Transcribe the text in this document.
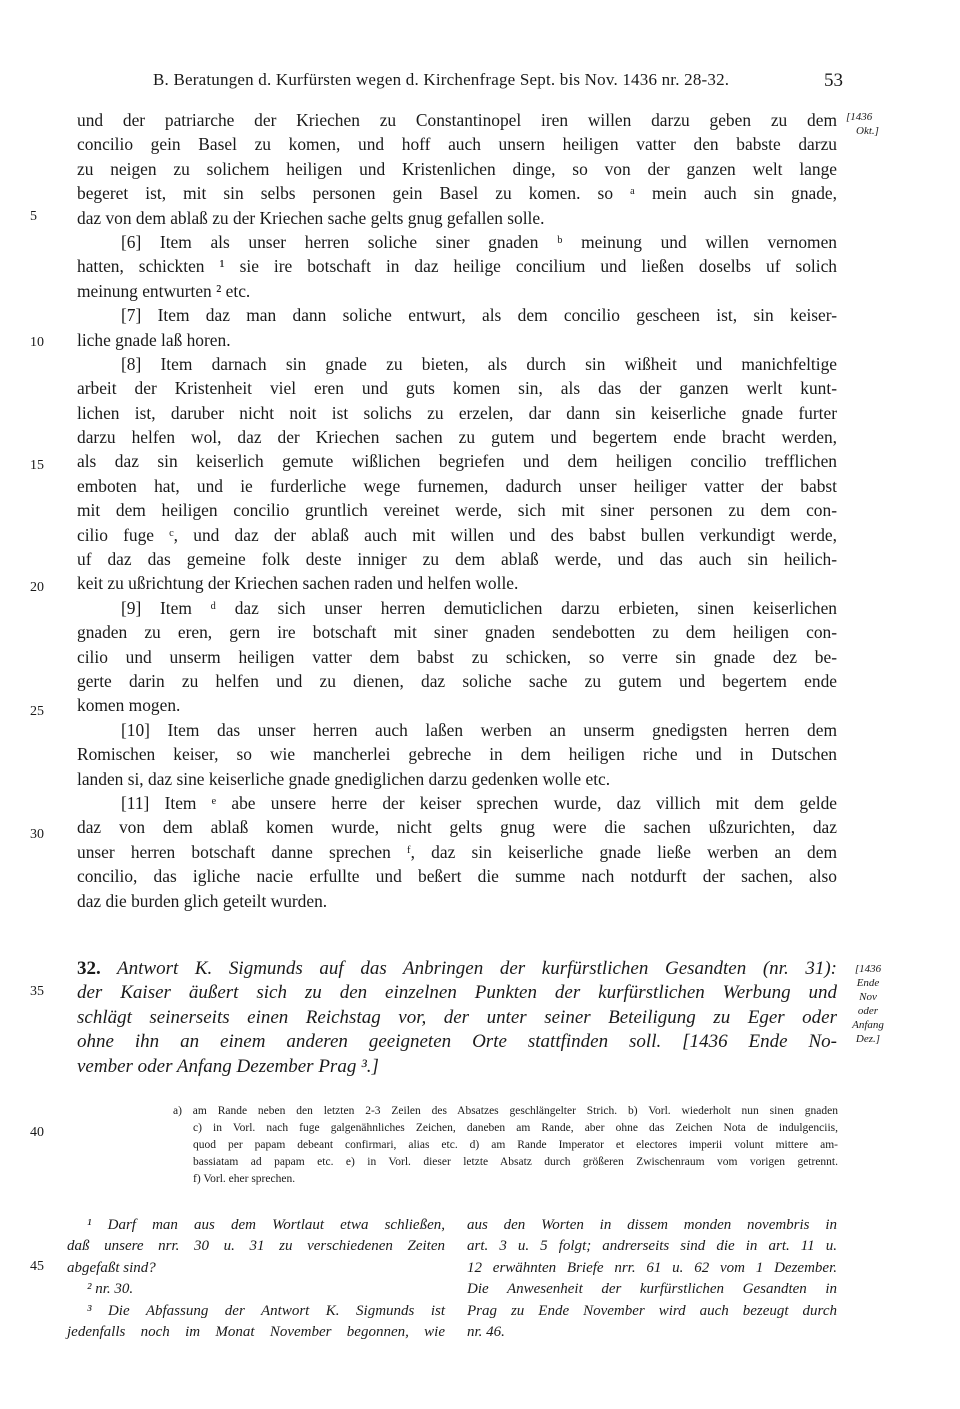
B. Beratungen d. Kurfürsten wegen d. Kirchenfrage Sept. bis Nov. 1436 nr. 28-32.	53
[1436
Okt.]
5
10
15
20
25
30
35
40
45
und der patriarche der Kriechen zu Constantinopel iren willen darzu geben zu dem
concilio gein Basel zu komen, und hoff auch unsern heiligen vatter den babste darzu
zu neigen zu solichem heiligen und Kristenlichen dinge, so von der ganzen welt lange
begeret ist, mit sin selbs personen gein Basel zu komen. so ᵃ mein auch sin gnade,
daz von dem ablaß zu der Kriechen sache gelts gnug gefallen solle.
[6] Item als unser herren soliche siner gnaden ᵇ meinung und willen vernomen
hatten, schickten ¹ sie ire botschaft in daz heilige concilium und ließen doselbs uf solich
meinung entwurten ² etc.
[7] Item daz man dann soliche entwurt, als dem concilio gescheen ist, sin keiser-
liche gnade laß horen.
[8] Item darnach sin gnade zu bieten, als durch sin wißheit und manichfeltige
arbeit der Kristenheit viel eren und guts komen sin, als das der ganzen werlt kunt-
lichen ist, daruber nicht noit ist solichs zu erzelen, dar dann sin keiserliche gnade furter
darzu helfen wol, daz der Kriechen sachen zu gutem und begertem ende bracht werden,
als daz sin keiserlich gemute wißlichen begriefen und dem heiligen concilio trefflichen
emboten hat, und ie furderliche wege furnemen, dadurch unser heiliger vatter der babst
mit dem heiligen concilio gruntlich vereinet werde, sich mit siner personen zu dem con-
cilio fuge ᶜ, und daz der ablaß auch mit willen und des babst bullen verkundigt werde,
uf daz das gemeine folk deste inniger zu dem ablaß werde, und das auch sin heilich-
keit zu ußrichtung der Kriechen sachen raden und helfen wolle.
[9] Item ᵈ daz sich unser herren demuticlichen darzu erbieten, sinen keiserlichen
gnaden zu eren, gern ire botschaft mit siner gnaden sendebotten zu dem heiligen con-
cilio und unserm heiligen vatter dem babst zu schicken, so verre sin gnade dez be-
gerte darin zu helfen und zu dienen, daz soliche sache zu gutem und begertem ende
komen mogen.
[10] Item das unser herren auch laßen werben an unserm gnedigsten herren dem
Romischen keiser, so wie mancherlei gebreche in dem heiligen riche und in Dutschen
landen si, daz sine keiserliche gnade gnediglichen darzu gedenken wolle etc.
[11] Item ᵉ abe unsere herre der keiser sprechen wurde, daz villich mit dem gelde
daz von dem ablaß komen wurde, nicht gelts gnug were die sachen ußzurichten, daz
unser herren botschaft danne sprechen ᶠ, daz sin keiserliche gnade ließe werben an dem
concilio, das igliche nacie erfullte und beßert die summe nach notdurft der sachen, also
daz die burden glich geteilt wurden.
32. Antwort K. Sigmunds auf das Anbringen der kurfürstlichen Gesandten (nr. 31):
der Kaiser äußert sich zu den einzelnen Punkten der kurfürstlichen Werbung und
schlägt seinerseits einen Reichstag vor, der unter seiner Beteiligung zu Eger oder
ohne ihn an einem anderen geeigneten Orte stattfinden soll. [1436 Ende No-
vember oder Anfang Dezember Prag ³.]
[1436
Ende
Nov
oder
Anfang
Dez.]
a) am Rande neben den letzten 2-3 Zeilen des Absatzes geschlängelter Strich. b) Vorl. wiederholt nun sinen gnaden
c) in Vorl. nach fuge galgenähnliches Zeichen, daneben am Rande, aber ohne das Zeichen Nota de indulgenciis,
quod per papam debeant confirmari, alias etc. d) am Rande Imperator et electores imperii volunt mittere am-
bassiatam ad papam etc. e) in Vorl. dieser letzte Absatz durch größeren Zwischenraum vom vorigen getrennt.
f) Vorl. eher sprechen.
¹ Darf man aus dem Wortlaut etwa schließen,
daß unsere nrr. 30 u. 31 zu verschiedenen Zeiten
abgefaßt sind?
² nr. 30.
³ Die Abfassung der Antwort K. Sigmunds ist
jedenfalls noch im Monat November begonnen, wie
aus den Worten in dissem monden novembris in
art. 3 u. 5 folgt; andrerseits sind die in art. 11 u.
12 erwähnten Briefe nrr. 61 u. 62 vom 1 Dezember.
Die Anwesenheit der kurfürstlichen Gesandten in
Prag zu Ende November wird auch bezeugt durch
nr. 46.
